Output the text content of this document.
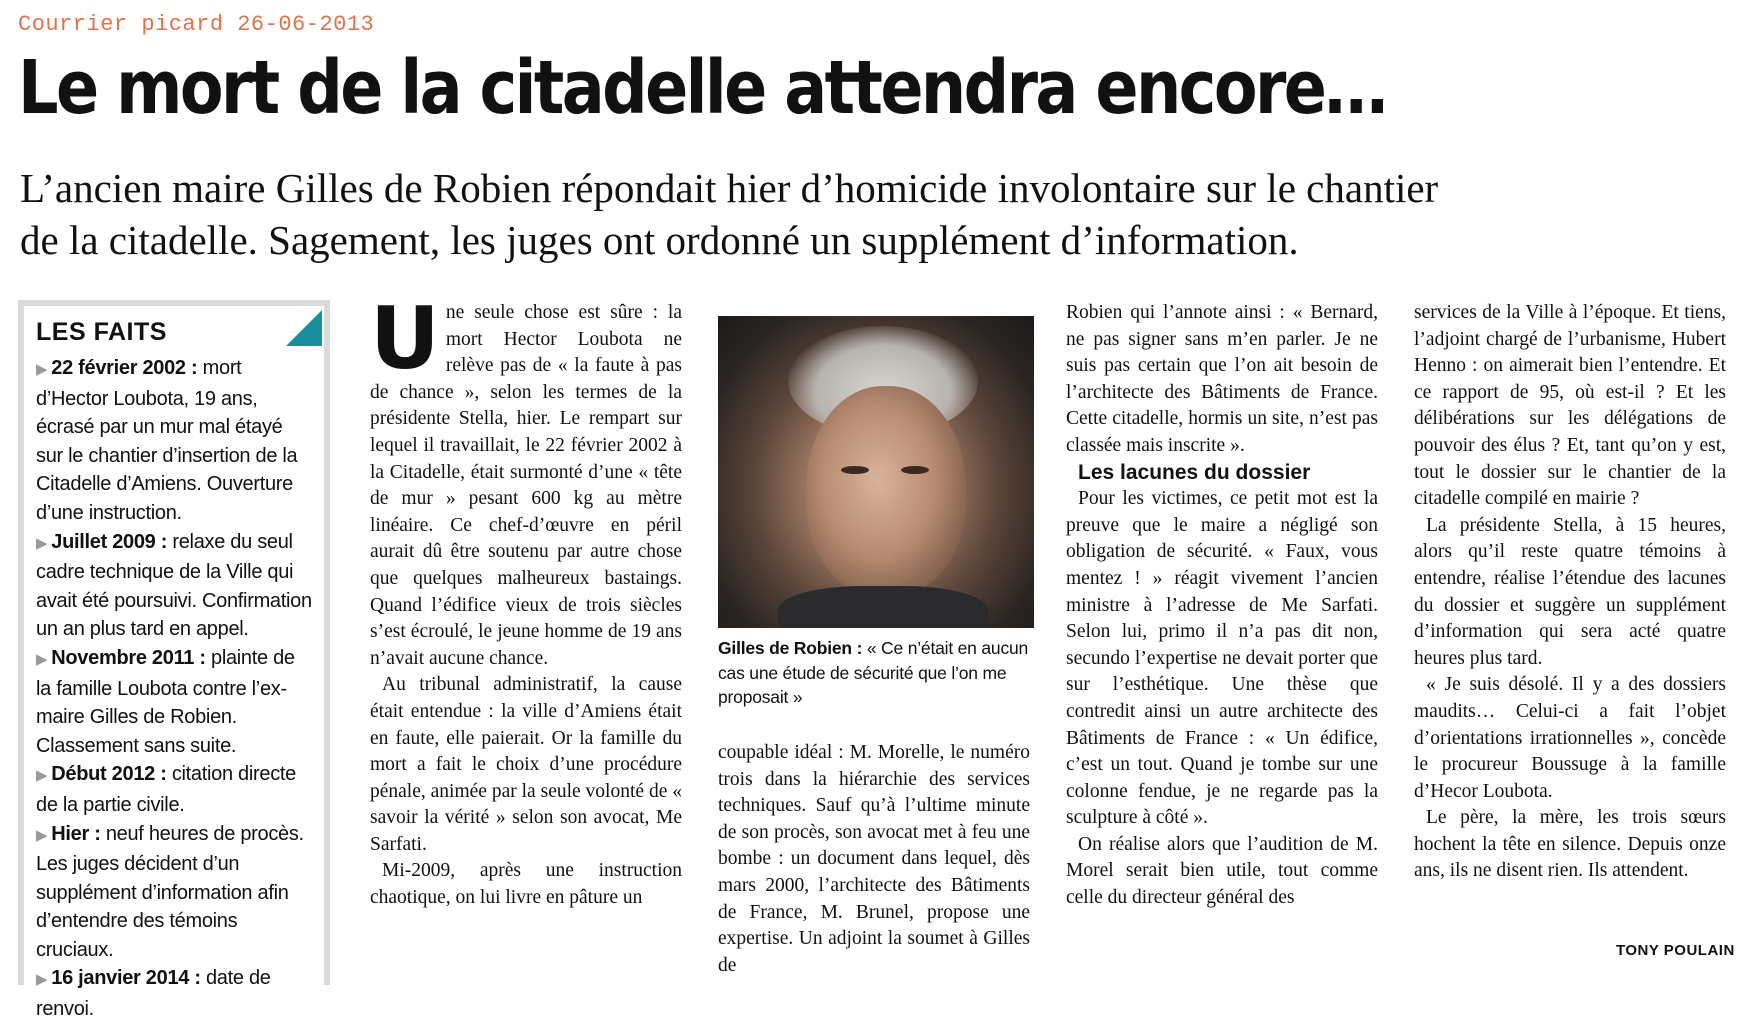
Courrier picard 26-06-2013
Le mort de la citadelle attendra encore…
L’ancien maire Gilles de Robien répondait hier d’homicide involontaire sur le chantier
de la citadelle. Sagement, les juges ont ordonné un supplément d’information.
LES FAITS

▶ 22 février 2002 : mort d’Hector Loubota, 19 ans, écrasé par un mur mal étayé sur le chantier d’insertion de la Citadelle d’Amiens. Ouverture d’une instruction.

▶ Juillet 2009 : relaxe du seul cadre technique de la Ville qui avait été poursuivi. Confirmation un an plus tard en appel.

▶ Novembre 2011 : plainte de la famille Loubota contre l’ex-maire Gilles de Robien. Classement sans suite.

▶ Début 2012 : citation directe de la partie civile.

▶ Hier : neuf heures de procès. Les juges décident d’un supplément d’information afin d’entendre des témoins cruciaux.

▶ 16 janvier 2014 : date de renvoi.

Une seule chose est sûre : la mort Hector Loubota ne relève pas de « la faute à pas de chance », selon les termes de la présidente Stella, hier. Le rempart sur lequel il travaillait, le 22 février 2002 à la Citadelle, était surmonté d’une « tête de mur » pesant 600 kg au mètre linéaire. Ce chef-d’œuvre en péril aurait dû être soutenu par autre chose que quelques malheureux bastaings. Quand l’édifice vieux de trois siècles s’est écroulé, le jeune homme de 19 ans n’avait aucune chance.

Au tribunal administratif, la cause était entendue : la ville d’Amiens était en faute, elle paierait. Or la famille du mort a fait le choix d’une procédure pénale, animée par la seule volonté de « savoir la vérité » selon son avocat, Me Sarfati.

Mi-2009, après une instruction chaotique, on lui livre en pâture un

Gilles de Robien : « Ce n’était en aucun cas une étude de sécurité que l’on me proposait »

coupable idéal : M. Morelle, le numéro trois dans la hiérarchie des services techniques. Sauf qu’à l’ultime minute de son procès, son avocat met à feu une bombe : un document dans lequel, dès mars 2000, l’architecte des Bâtiments de France, M. Brunel, propose une expertise. Un adjoint la soumet à Gilles de

Robien qui l’annote ainsi : « Bernard, ne pas signer sans m’en parler. Je ne suis pas certain que l’on ait besoin de l’architecte des Bâtiments de France. Cette citadelle, hormis un site, n’est pas classée mais inscrite ».

Les lacunes du dossier

Pour les victimes, ce petit mot est la preuve que le maire a négligé son obligation de sécurité. « Faux, vous mentez ! » réagit vivement l’ancien ministre à l’adresse de Me Sarfati. Selon lui, primo il n’a pas dit non, secundo l’expertise ne devait porter que sur l’esthétique. Une thèse que contredit ainsi un autre architecte des Bâtiments de France : « Un édifice, c’est un tout. Quand je tombe sur une colonne fendue, je ne regarde pas la sculpture à côté ».

On réalise alors que l’audition de M. Morel serait bien utile, tout comme celle du directeur général des

services de la Ville à l’époque. Et tiens, l’adjoint chargé de l’urbanisme, Hubert Henno : on aimerait bien l’entendre. Et ce rapport de 95, où est-il ? Et les délibérations sur les délégations de pouvoir des élus ? Et, tant qu’on y est, tout le dossier sur le chantier de la citadelle compilé en mairie ?

La présidente Stella, à 15 heures, alors qu’il reste quatre témoins à entendre, réalise l’étendue des lacunes du dossier et suggère un supplément d’information qui sera acté quatre heures plus tard.

« Je suis désolé. Il y a des dossiers maudits… Celui-ci a fait l’objet d’orientations irrationnelles », concède le procureur Boussuge à la famille d’Hecor Loubota.

Le père, la mère, les trois sœurs hochent la tête en silence. Depuis onze ans, ils ne disent rien. Ils attendent.

TONY POULAIN
